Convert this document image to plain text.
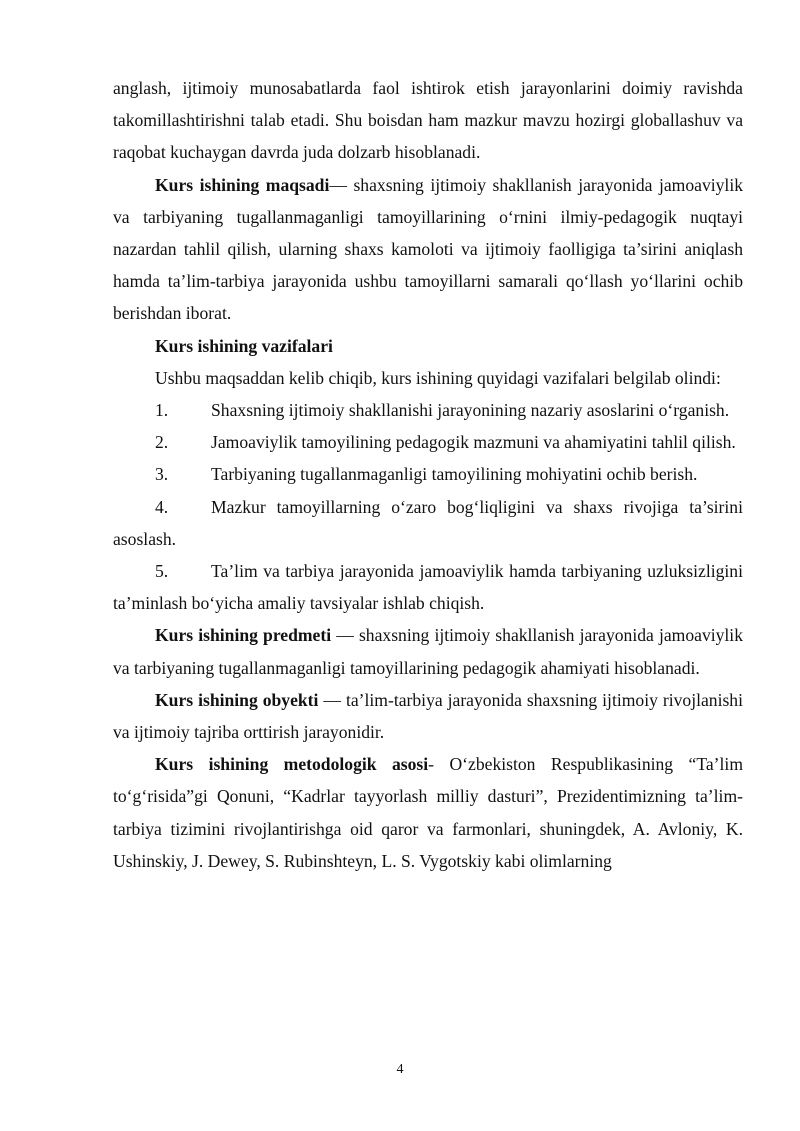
anglash, ijtimoiy munosabatlarda faol ishtirok etish jarayonlarini doimiy ravishda takomillashtirishni talab etadi. Shu boisdan ham mazkur mavzu hozirgi globallashuv va raqobat kuchaygan davrda juda dolzarb hisoblanadi.

Kurs ishining maqsadi— shaxsning ijtimoiy shakllanish jarayonida jamoaviylik va tarbiyaning tugallanmaganligi tamoyillarining o‘rnini ilmiy-pedagogik nuqtayi nazardan tahlil qilish, ularning shaxs kamoloti va ijtimoiy faolligiga ta’sirini aniqlash hamda ta’lim-tarbiya jarayonida ushbu tamoyillarni samarali qo‘llash yo‘llarini ochib berishdan iborat.

Kurs ishining vazifalari

Ushbu maqsaddan kelib chiqib, kurs ishining quyidagi vazifalari belgilab olindi:

1. Shaxsning ijtimoiy shakllanishi jarayonining nazariy asoslarini o‘rganish.

2. Jamoaviylik tamoyilining pedagogik mazmuni va ahamiyatini tahlil qilish.

3. Tarbiyaning tugallanmaganligi tamoyilining mohiyatini ochib berish.

4. Mazkur tamoyillarning o‘zaro bog‘liqligini va shaxs rivojiga ta’sirini asoslash.

5. Ta’lim va tarbiya jarayonida jamoaviylik hamda tarbiyaning uzluksizligini ta’minlash bo‘yicha amaliy tavsiyalar ishlab chiqish.

Kurs ishining predmeti — shaxsning ijtimoiy shakllanish jarayonida jamoaviylik va tarbiyaning tugallanmaganligi tamoyillarining pedagogik ahamiyati hisoblanadi.

Kurs ishining obyekti — ta’lim-tarbiya jarayonida shaxsning ijtimoiy rivojlanishi va ijtimoiy tajriba orttirish jarayonidir.

Kurs ishining metodologik asosi- O‘zbekiston Respublikasining “Ta’lim to‘g‘risida”gi Qonuni, “Kadrlar tayyorlash milliy dasturi”, Prezidentimizning ta’lim-tarbiya tizimini rivojlantirishga oid qaror va farmonlari, shuningdek, A. Avloniy, K. Ushinskiy, J. Dewey, S. Rubinshteyn, L. S. Vygotskiy kabi olimlarning

4
